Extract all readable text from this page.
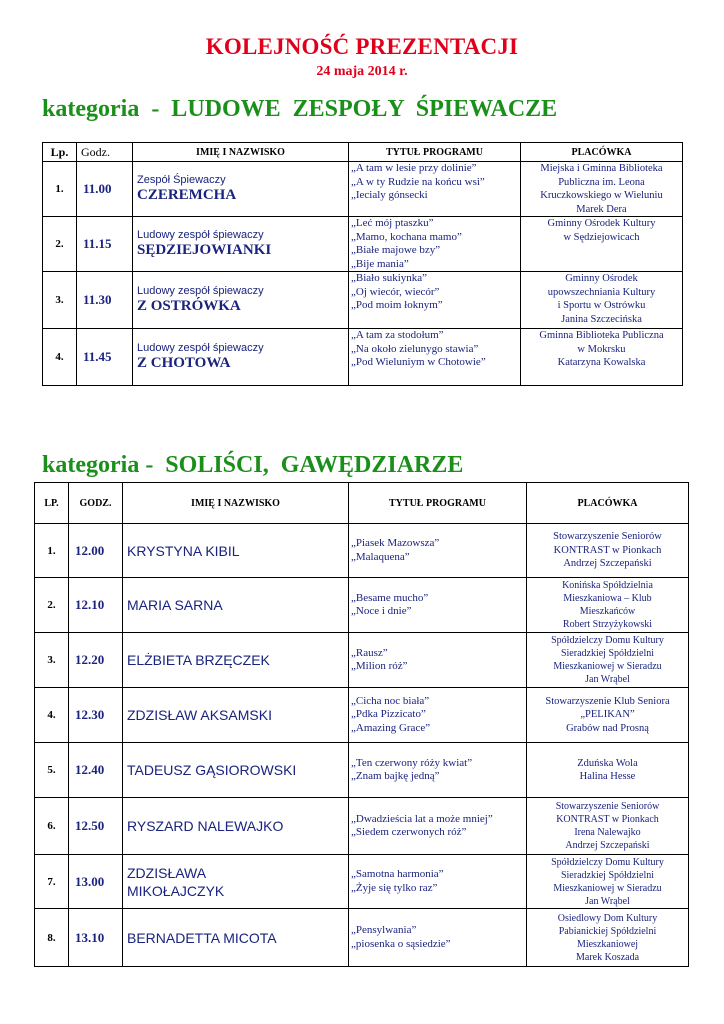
KOLEJNOŚĆ PREZENTACJI
24 maja 2014 r.
kategoria  -  LUDOWE  ZESPOŁY  ŚPIEWACZE
Lp.	Godz.	IMIĘ I NAZWISKO	TYTUŁ PROGRAMU	PLACÓWKA
1.	11.00	Zespół Śpiewaczy
CZEREMCHA	„A tam w lesie przy dolinie”
„A w ty Rudzie na końcu wsi”
„Iecialy gónsecki	Miejska i Gminna Biblioteka
Publiczna im. Leona
Kruczkowskiego w Wieluniu
Marek Dera

2.	11.15	Ludowy zespół śpiewaczy
SĘDZIEJOWIANKI	„Leć mój ptaszku”
„Mamo, kochana mamo”
„Białe majowe bzy”
„Bije mania”	Gminny Ośrodek Kultury
w Sędziejowicach

3.	11.30	Ludowy zespół śpiewaczy
Z OSTRÓWKA	„Biało sukiynka”
„Oj wiecór, wiecór”
„Pod moim łoknym”	Gminny Ośrodek
upowszechniania Kultury
i Sportu w Ostrówku
Janina Szczecińska

4.	11.45	Ludowy zespół śpiewaczy
Z CHOTOWA	„A tam za stodołum”
„Na około zielunygo stawia”
„Pod Wieluniym w Chotowie”	Gminna Biblioteka Publiczna
w Mokrsku
Katarzyna Kowalska
kategoria -  SOLIŚCI,  GAWĘDZIARZE
LP.	GODZ.	IMIĘ I NAZWISKO	TYTUŁ PROGRAMU	PLACÓWKA
1.	12.00	KRYSTYNA KIBIL	„Piasek Mazowsza”
„Malaquena”	Stowarzyszenie Seniorów
KONTRAST w Pionkach
Andrzej Szczepański

2.	12.10	MARIA SARNA	„Besame mucho”
„Noce i dnie”	Konińska Spółdzielnia
Mieszkaniowa – Klub
Mieszkańców
Robert Strzyżykowski

3.	12.20	ELŻBIETA BRZĘCZEK	„Rausz”
„Milion róż”	Spółdzielczy Domu Kultury
Sieradzkiej Spółdzielni
Mieszkaniowej w Sieradzu
Jan Wrąbel

4.	12.30	ZDZISŁAW AKSAMSKI	„Cicha noc biała”
„Pdka Pizzicato”
„Amazing Grace”	Stowarzyszenie Klub Seniora
„PELIKAN”
Grabów nad Prosną

5.	12.40	TADEUSZ GĄSIOROWSKI	„Ten czerwony róży kwiat”
„Znam bajkę jedną”	Zduńska Wola
Halina Hesse

6.	12.50	RYSZARD NALEWAJKO	„Dwadzieścia lat a może mniej”
„Siedem czerwonych róż”	Stowarzyszenie Seniorów
KONTRAST w Pionkach
Irena Nalewajko
Andrzej Szczepański

7.	13.00	ZDZISŁAWA
MIKOŁAJCZYK	„Samotna harmonia”
„Żyje się tylko raz”	Spółdzielczy Domu Kultury
Sieradzkiej Spółdzielni
Mieszkaniowej w Sieradzu
Jan Wrąbel

8.	13.10	BERNADETTA MICOTA	„Pensylwania”
„piosenka o sąsiedzie”	Osiedlowy Dom Kultury
Pabianickiej Spółdzielni
Mieszkaniowej
Marek Koszada
